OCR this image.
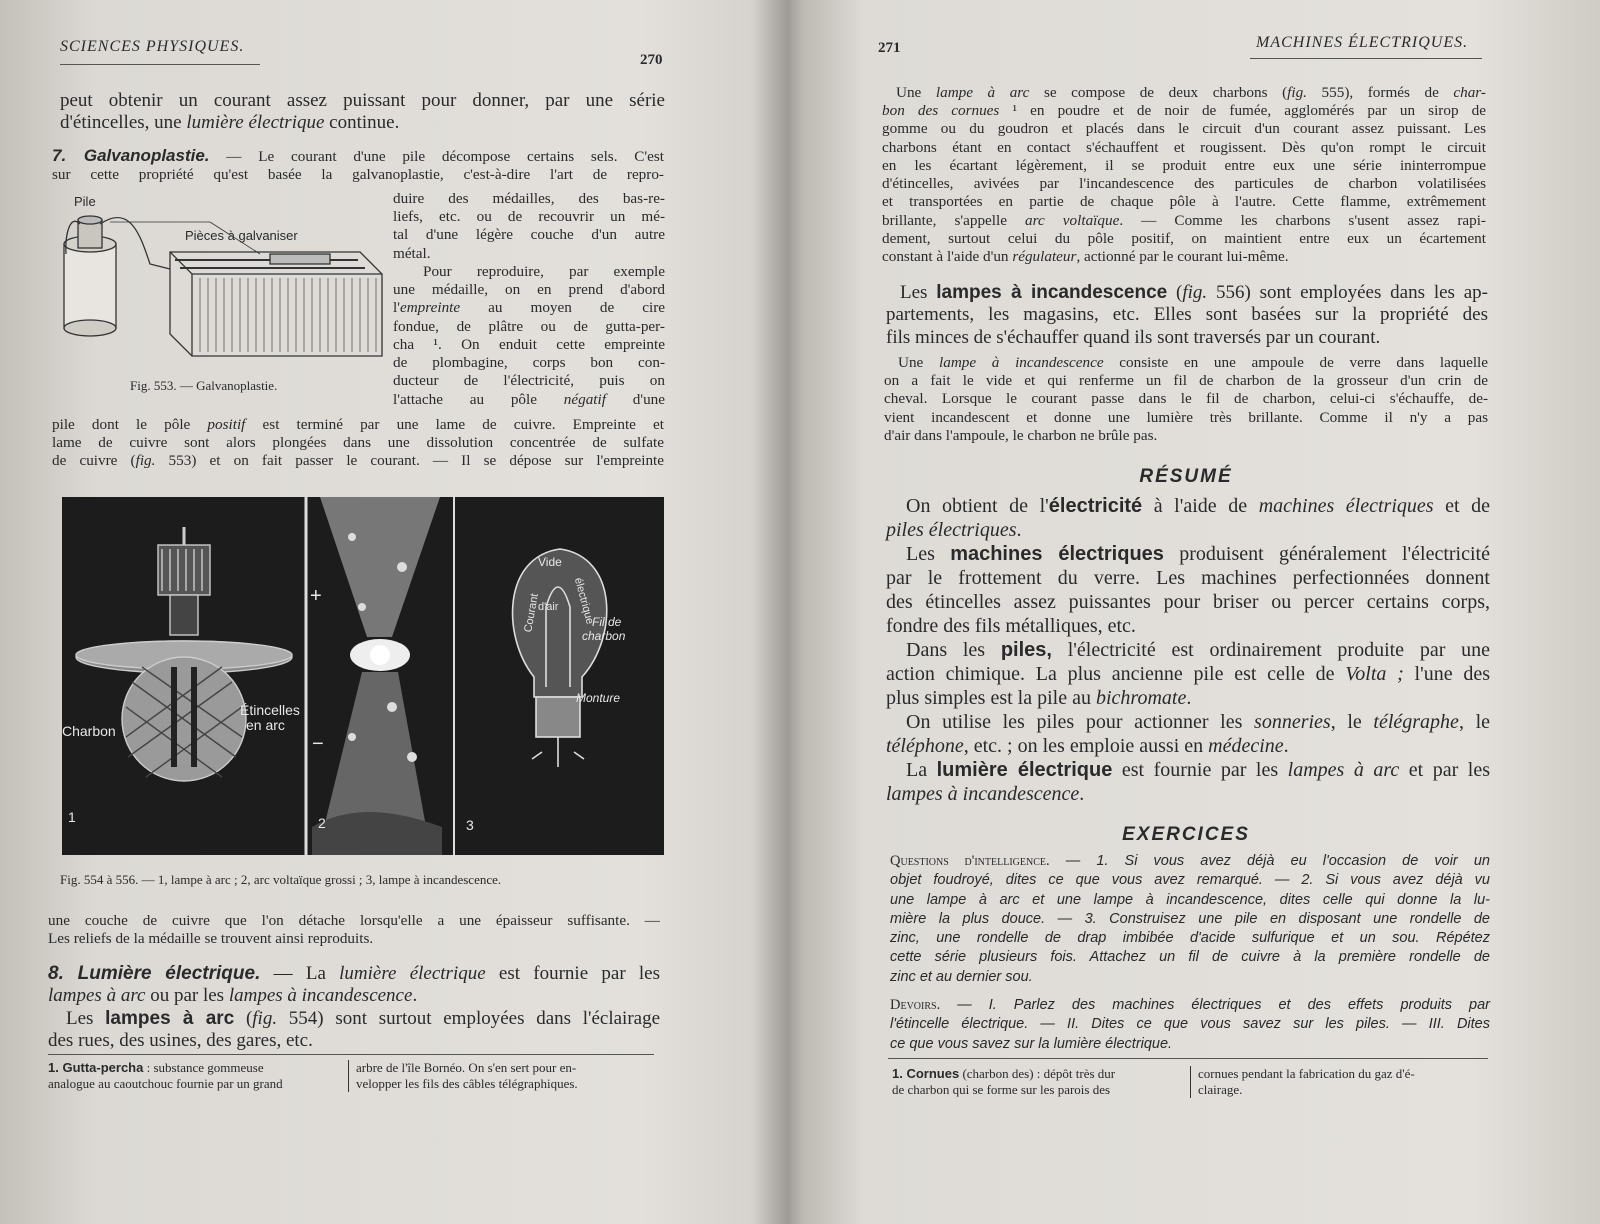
SCIENCES PHYSIQUES.
270
peut obtenir un courant assez puissant pour donner, par une série
d'étincelles, une lumière électrique continue.
7. Galvanoplastie. — Le courant d'une pile décompose certains sels. C'est
sur cette propriété qu'est basée la galvanoplastie, c'est-à-dire l'art de repro-
Pile
Pièces à galvaniser
Fig. 553. — Galvanoplastie.
duire des médailles, des bas-re-
liefs, etc. ou de recouvrir un mé-
tal d'une légère couche d'un autre
métal.
Pour reproduire, par exemple
une médaille, on en prend d'abord
l'empreinte au moyen de cire
fondue, de plâtre ou de gutta-per-
cha ¹. On enduit cette empreinte
de plombagine, corps bon con-
ducteur de l'électricité, puis on
l'attache au pôle négatif d'une
pile dont le pôle positif est terminé par une lame de cuivre. Empreinte et
lame de cuivre sont alors plongées dans une dissolution concentrée de sulfate
de cuivre (fig. 553) et on fait passer le courant. — Il se dépose sur l'empreinte
Charbon
Étincelles
en arc
1	2	3
+
−
Vide
Courant
d'air électrique
Fil de
charbon
Monture
Fig. 554 à 556. — 1, lampe à arc ; 2, arc voltaïque grossi ; 3, lampe à incandescence.
une couche de cuivre que l'on détache lorsqu'elle a une épaisseur suffisante. —
Les reliefs de la médaille se trouvent ainsi reproduits.
8. Lumière électrique. — La lumière électrique est fournie par les
lampes à arc ou par les lampes à incandescence.
Les lampes à arc (fig. 554) sont surtout employées dans l'éclairage
des rues, des usines, des gares, etc.
1. Gutta-percha : substance gommeuse
analogue au caoutchouc fournie par un grand
arbre de l'île Bornéo. On s'en sert pour en-
velopper les fils des câbles télégraphiques.
271	MACHINES ÉLECTRIQUES.
Une lampe à arc se compose de deux charbons (fig. 555), formés de char-
bon des cornues ¹ en poudre et de noir de fumée, agglomérés par un sirop de
gomme ou du goudron et placés dans le circuit d'un courant assez puissant. Les
charbons étant en contact s'échauffent et rougissent. Dès qu'on rompt le circuit
en les écartant légèrement, il se produit entre eux une série ininterrompue
d'étincelles, avivées par l'incandescence des particules de charbon volatilisées
et transportées en partie de chaque pôle à l'autre. Cette flamme, extrêmement
brillante, s'appelle arc voltaïque. — Comme les charbons s'usent assez rapi-
dement, surtout celui du pôle positif, on maintient entre eux un écartement
constant à l'aide d'un régulateur, actionné par le courant lui-même.
Les lampes à incandescence (fig. 556) sont employées dans les ap-
partements, les magasins, etc. Elles sont basées sur la propriété des
fils minces de s'échauffer quand ils sont traversés par un courant.
Une lampe à incandescence consiste en une ampoule de verre dans laquelle
on a fait le vide et qui renferme un fil de charbon de la grosseur d'un crin de
cheval. Lorsque le courant passe dans le fil de charbon, celui-ci s'échauffe, de-
vient incandescent et donne une lumière très brillante. Comme il n'y a pas
d'air dans l'ampoule, le charbon ne brûle pas.
RÉSUMÉ
On obtient de l'électricité à l'aide de machines électriques et de
piles électriques.
Les machines électriques produisent généralement l'électricité
par le frottement du verre. Les machines perfectionnées donnent
des étincelles assez puissantes pour briser ou percer certains corps,
fondre des fils métalliques, etc.
Dans les piles, l'électricité est ordinairement produite par une
action chimique. La plus ancienne pile est celle de Volta ; l'une des
plus simples est la pile au bichromate.
On utilise les piles pour actionner les sonneries, le télégraphe, le
téléphone, etc. ; on les emploie aussi en médecine.
La lumière électrique est fournie par les lampes à arc et par les
lampes à incandescence.
EXERCICES
Questions d'intelligence. — 1. Si vous avez déjà eu l'occasion de voir un
objet foudroyé, dites ce que vous avez remarqué. — 2. Si vous avez déjà vu
une lampe à arc et une lampe à incandescence, dites celle qui donne la lu-
mière la plus douce. — 3. Construisez une pile en disposant une rondelle de
zinc, une rondelle de drap imbibée d'acide sulfurique et un sou. Répétez
cette série plusieurs fois. Attachez un fil de cuivre à la première rondelle de
zinc et au dernier sou.
Devoirs. — I. Parlez des machines électriques et des effets produits par
l'étincelle électrique. — II. Dites ce que vous savez sur les piles. — III. Dites
ce que vous savez sur la lumière électrique.
1. Cornues (charbon des) : dépôt très dur
de charbon qui se forme sur les parois des
cornues pendant la fabrication du gaz d'é-
clairage.
